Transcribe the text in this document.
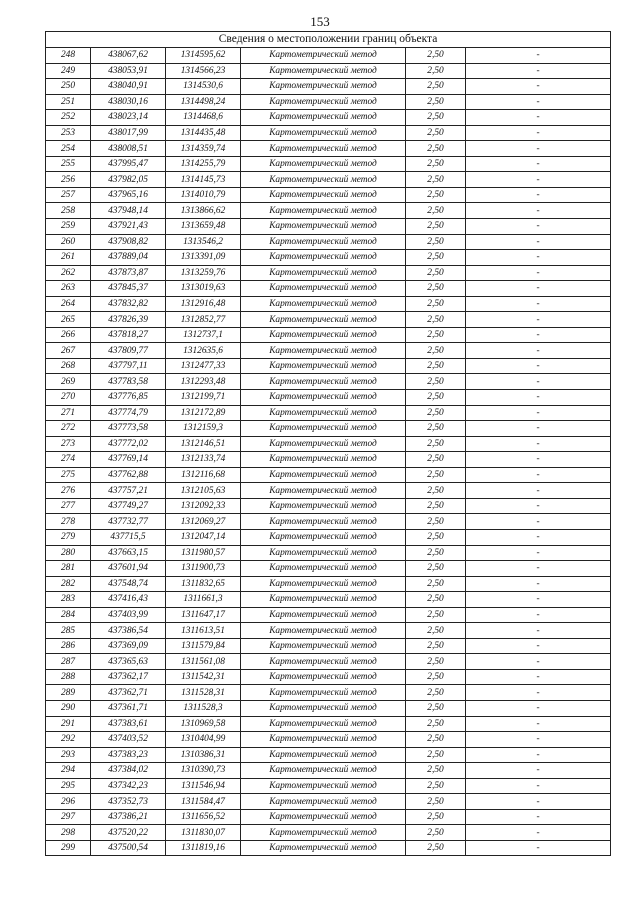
153
Сведения о местоположении границ объекта					
248	438067,62	1314595,62	Картометрический метод	2,50	-
249	438053,91	1314566,23	Картометрический метод	2,50	-
250	438040,91	1314530,6	Картометрический метод	2,50	-
251	438030,16	1314498,24	Картометрический метод	2,50	-
252	438023,14	1314468,6	Картометрический метод	2,50	-
253	438017,99	1314435,48	Картометрический метод	2,50	-
254	438008,51	1314359,74	Картометрический метод	2,50	-
255	437995,47	1314255,79	Картометрический метод	2,50	-
256	437982,05	1314145,73	Картометрический метод	2,50	-
257	437965,16	1314010,79	Картометрический метод	2,50	-
258	437948,14	1313866,62	Картометрический метод	2,50	-
259	437921,43	1313659,48	Картометрический метод	2,50	-
260	437908,82	1313546,2	Картометрический метод	2,50	-
261	437889,04	1313391,09	Картометрический метод	2,50	-
262	437873,87	1313259,76	Картометрический метод	2,50	-
263	437845,37	1313019,63	Картометрический метод	2,50	-
264	437832,82	1312916,48	Картометрический метод	2,50	-
265	437826,39	1312852,77	Картометрический метод	2,50	-
266	437818,27	1312737,1	Картометрический метод	2,50	-
267	437809,77	1312635,6	Картометрический метод	2,50	-
268	437797,11	1312477,33	Картометрический метод	2,50	-
269	437783,58	1312293,48	Картометрический метод	2,50	-
270	437776,85	1312199,71	Картометрический метод	2,50	-
271	437774,79	1312172,89	Картометрический метод	2,50	-
272	437773,58	1312159,3	Картометрический метод	2,50	-
273	437772,02	1312146,51	Картометрический метод	2,50	-
274	437769,14	1312133,74	Картометрический метод	2,50	-
275	437762,88	1312116,68	Картометрический метод	2,50	-
276	437757,21	1312105,63	Картометрический метод	2,50	-
277	437749,27	1312092,33	Картометрический метод	2,50	-
278	437732,77	1312069,27	Картометрический метод	2,50	-
279	437715,5	1312047,14	Картометрический метод	2,50	-
280	437663,15	1311980,57	Картометрический метод	2,50	-
281	437601,94	1311900,73	Картометрический метод	2,50	-
282	437548,74	1311832,65	Картометрический метод	2,50	-
283	437416,43	1311661,3	Картометрический метод	2,50	-
284	437403,99	1311647,17	Картометрический метод	2,50	-
285	437386,54	1311613,51	Картометрический метод	2,50	-
286	437369,09	1311579,84	Картометрический метод	2,50	-
287	437365,63	1311561,08	Картометрический метод	2,50	-
288	437362,17	1311542,31	Картометрический метод	2,50	-
289	437362,71	1311528,31	Картометрический метод	2,50	-
290	437361,71	1311528,3	Картометрический метод	2,50	-
291	437383,61	1310969,58	Картометрический метод	2,50	-
292	437403,52	1310404,99	Картометрический метод	2,50	-
293	437383,23	1310386,31	Картометрический метод	2,50	-
294	437384,02	1310390,73	Картометрический метод	2,50	-
295	437342,23	1311546,94	Картометрический метод	2,50	-
296	437352,73	1311584,47	Картометрический метод	2,50	-
297	437386,21	1311656,52	Картометрический метод	2,50	-
298	437520,22	1311830,07	Картометрический метод	2,50	-
299	437500,54	1311819,16	Картометрический метод	2,50	-
